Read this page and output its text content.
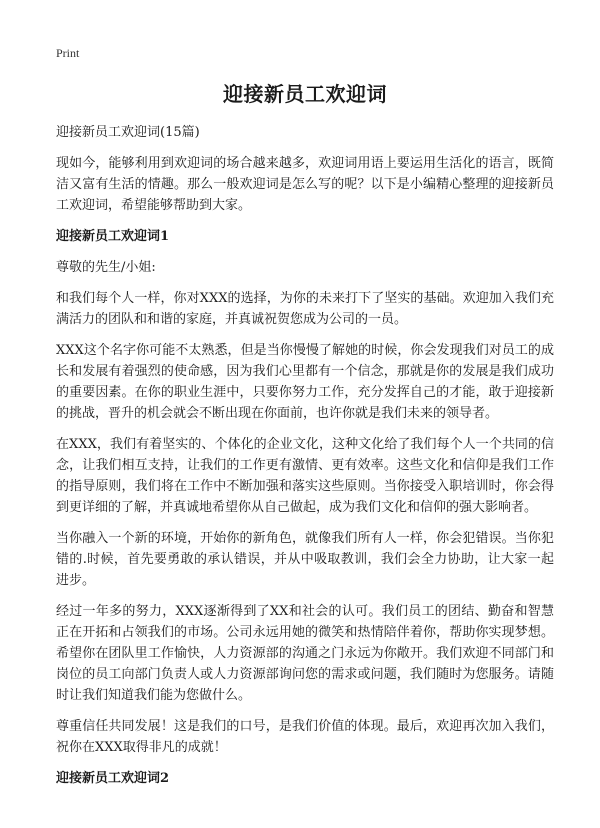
Print
迎接新员工欢迎词

迎接新员工欢迎词(15篇)

现如今，能够利用到欢迎词的场合越来越多，欢迎词用语上要运用生活化的语言，既简洁又富有生活的情趣。那么一般欢迎词是怎么写的呢？以下是小编精心整理的迎接新员工欢迎词，希望能够帮助到大家。

迎接新员工欢迎词1

尊敬的先生/小姐:

和我们每个人一样，你对XXX的选择，为你的未来打下了坚实的基础。欢迎加入我们充满活力的团队和和谐的家庭，并真诚祝贺您成为公司的一员。

XXX这个名字你可能不太熟悉，但是当你慢慢了解她的时候，你会发现我们对员工的成长和发展有着强烈的使命感，因为我们心里都有一个信念，那就是你的发展是我们成功的重要因素。在你的职业生涯中，只要你努力工作，充分发挥自己的才能，敢于迎接新的挑战，晋升的机会就会不断出现在你面前，也许你就是我们未来的领导者。

在XXX，我们有着坚实的、个体化的企业文化，这种文化给了我们每个人一个共同的信念，让我们相互支持，让我们的工作更有激情、更有效率。这些文化和信仰是我们工作的指导原则，我们将在工作中不断加强和落实这些原则。当你接受入职培训时，你会得到更详细的了解，并真诚地希望你从自己做起，成为我们文化和信仰的强大影响者。

当你融入一个新的环境，开始你的新角色，就像我们所有人一样，你会犯错误。当你犯错的.时候，首先要勇敢的承认错误，并从中吸取教训，我们会全力协助，让大家一起进步。

经过一年多的努力，XXX逐渐得到了XX和社会的认可。我们员工的团结、勤奋和智慧正在开拓和占领我们的市场。公司永远用她的微笑和热情陪伴着你，帮助你实现梦想。希望你在团队里工作愉快，人力资源部的沟通之门永远为你敞开。我们欢迎不同部门和岗位的员工向部门负责人或人力资源部询问您的需求或问题，我们随时为您服务。请随时让我们知道我们能为您做什么。

尊重信任共同发展！这是我们的口号，是我们价值的体现。最后，欢迎再次加入我们，祝你在XXX取得非凡的成就！

迎接新员工欢迎词2
